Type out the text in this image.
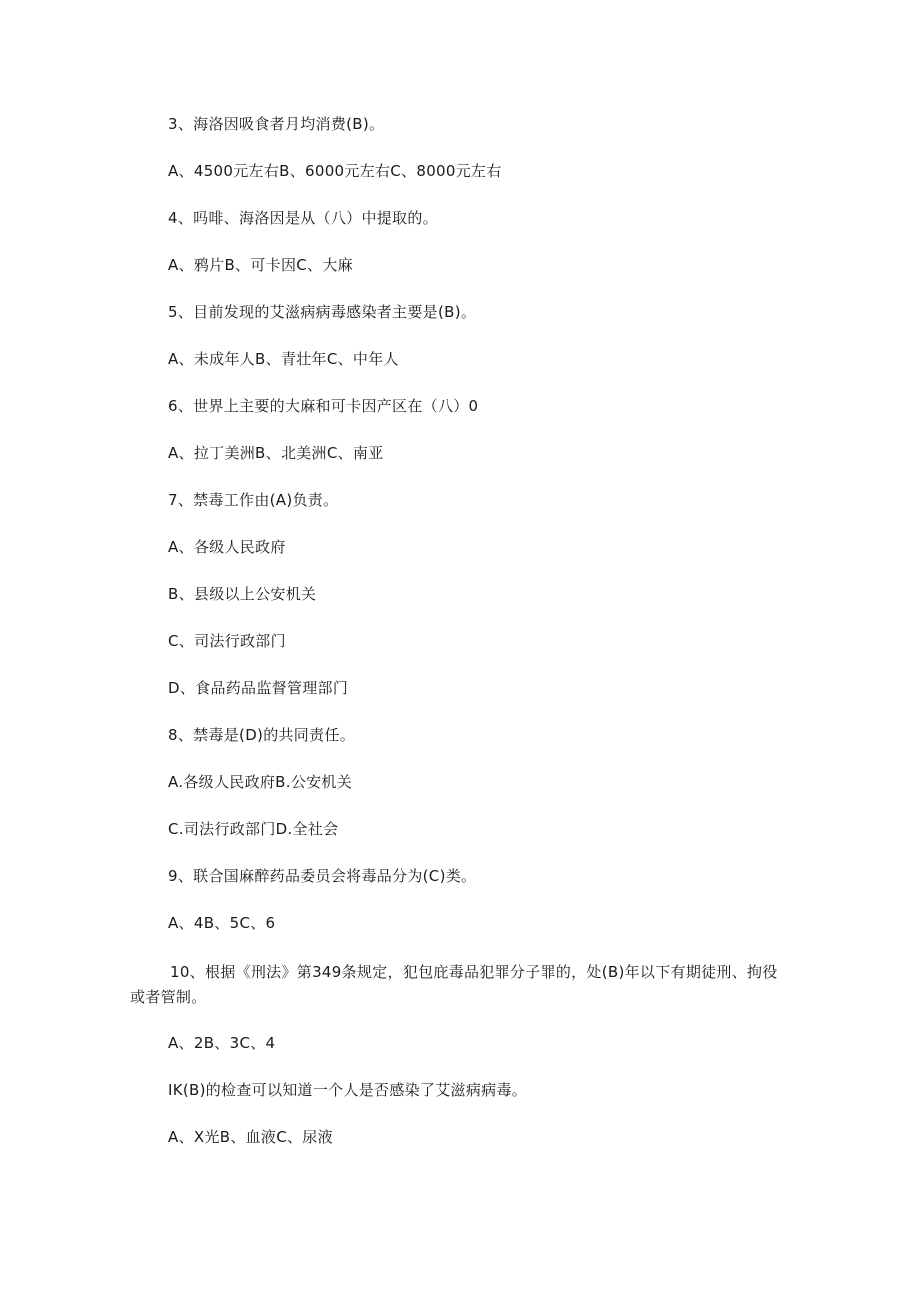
3、海洛因吸食者月均消费(B)。
A、4500元左右B、6000元左右C、8000元左右
4、吗啡、海洛因是从（八）中提取的。
A、鸦片B、可卡因C、大麻
5、目前发现的艾滋病病毒感染者主要是(B)。
A、未成年人B、青壮年C、中年人
6、世界上主要的大麻和可卡因产区在（八）0
A、拉丁美洲B、北美洲C、南亚
7、禁毒工作由(A)负责。
A、各级人民政府
B、县级以上公安机关
C、司法行政部门
D、食品药品监督管理部门
8、禁毒是(D)的共同责任。
A.各级人民政府B.公安机关
C.司法行政部门D.全社会
9、联合国麻醉药品委员会将毒品分为(C)类。
A、4B、5C、6
10、根据《刑法》第349条规定，犯包庇毒品犯罪分子罪的，处(B)年以下有期徒刑、拘役或者管制。
A、2B、3C、4
IK(B)的检查可以知道一个人是否感染了艾滋病病毒。
A、X光B、血液C、尿液
